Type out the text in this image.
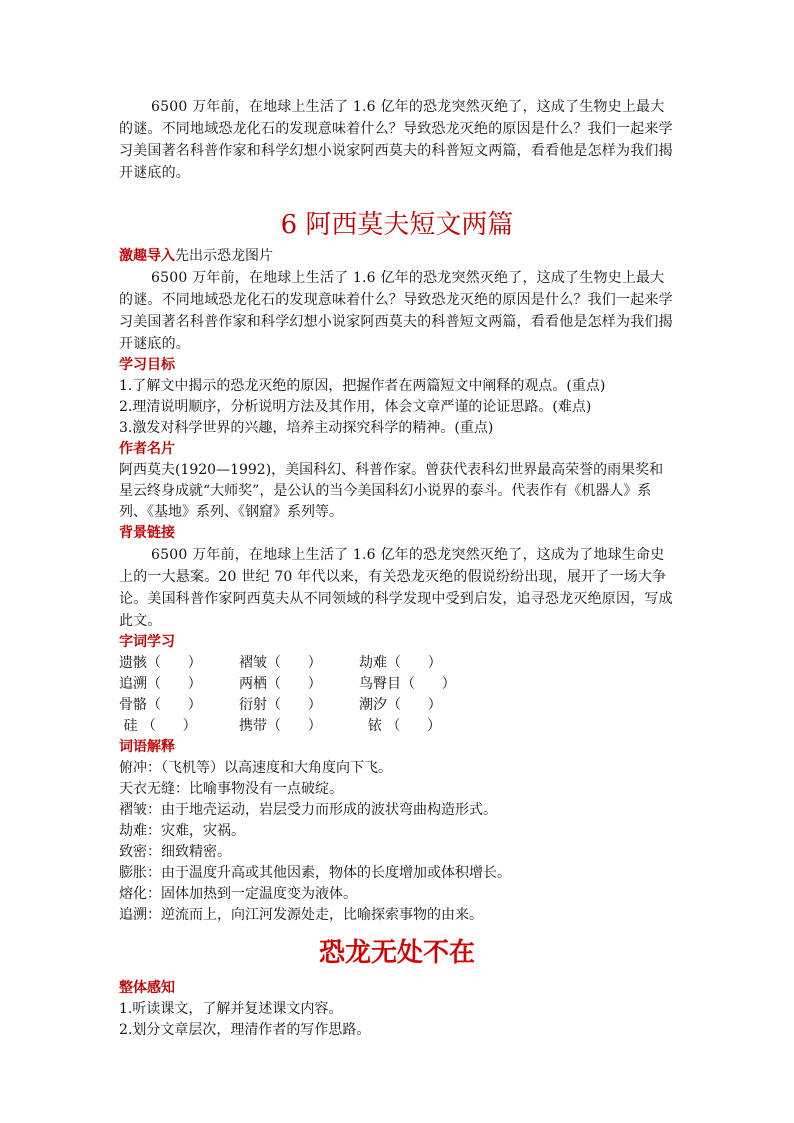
6500 万年前，在地球上生活了 1.6 亿年的恐龙突然灭绝了，这成了生物史上最大的谜。不同地域恐龙化石的发现意味着什么？导致恐龙灭绝的原因是什么？我们一起来学习美国著名科普作家和科学幻想小说家阿西莫夫的科普短文两篇，看看他是怎样为我们揭开谜底的。

6 阿西莫夫短文两篇

激趣导入先出示恐龙图片

6500 万年前，在地球上生活了 1.6 亿年的恐龙突然灭绝了，这成了生物史上最大的谜。不同地域恐龙化石的发现意味着什么？导致恐龙灭绝的原因是什么？我们一起来学习美国著名科普作家和科学幻想小说家阿西莫夫的科普短文两篇，看看他是怎样为我们揭开谜底的。

学习目标

1.了解文中揭示的恐龙灭绝的原因，把握作者在两篇短文中阐释的观点。(重点)

2.理清说明顺序，分析说明方法及其作用，体会文章严谨的论证思路。(难点)

3.激发对科学世界的兴趣，培养主动探究科学的精神。(重点)

作者名片

阿西莫夫(1920—1992)，美国科幻、科普作家。曾获代表科幻世界最高荣誉的雨果奖和星云终身成就“大师奖”，是公认的当今美国科幻小说界的泰斗。代表作有《机器人》系列、《基地》系列、《钢窟》系列等。

背景链接

6500 万年前，在地球上生活了 1.6 亿年的恐龙突然灭绝了，这成为了地球生命史上的一大悬案。20 世纪 70 年代以来，有关恐龙灭绝的假说纷纷出现，展开了一场大争论。美国科普作家阿西莫夫从不同领域的科学发现中受到启发，追寻恐龙灭绝原因，写成此文。

字词学习

遗骸（      ）	褶皱（      ）	劫难（      ）
追溯（      ）	两栖（      ）	鸟臀目（      ）
骨骼（      ）	衍射（      ）	潮汐（      ）
硅 （      ）	携带（      ）	铱 （      ）

词语解释

俯冲：（飞机等）以高速度和大角度向下飞。

天衣无缝：比喻事物没有一点破绽。

褶皱：由于地壳运动，岩层受力而形成的波状弯曲构造形式。

劫难：灾难，灾祸。

致密：细致精密。

膨胀：由于温度升高或其他因素，物体的长度增加或体积增长。

熔化：固体加热到一定温度变为液体。

追溯：逆流而上，向江河发源处走，比喻探索事物的由来。

恐龙无处不在

整体感知

1.听读课文，了解并复述课文内容。

2.划分文章层次，理清作者的写作思路。
